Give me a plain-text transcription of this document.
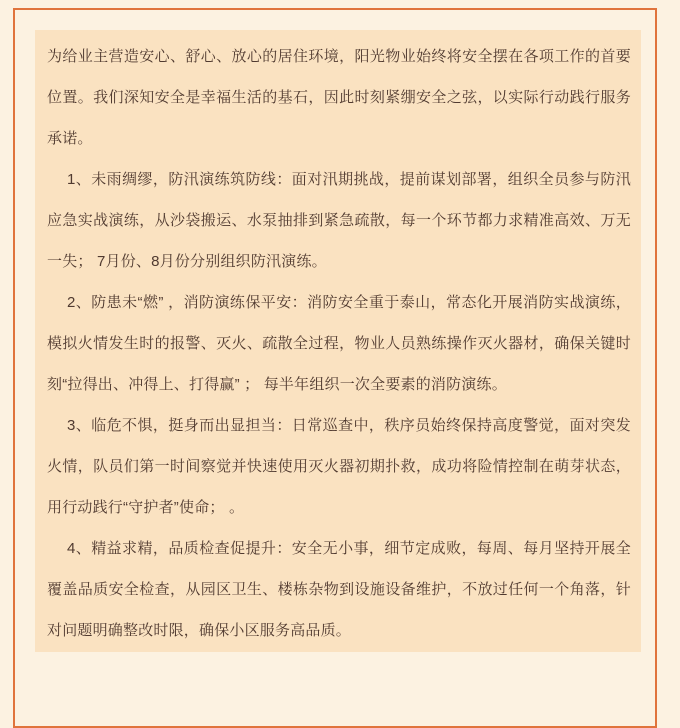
为给业主营造安心、舒心、放心的居住环境，阳光物业始终将安全摆在各项工作的首要位置。我们深知安全是幸福生活的基石，因此时刻紧绷安全之弦，以实际行动践行服务承诺。

1、未雨绸缪，防汛演练筑防线：面对汛期挑战，提前谋划部署，组织全员参与防汛应急实战演练，从沙袋搬运、水泵抽排到紧急疏散，每一个环节都力求精准高效、万无一失； 7月份、8月份分别组织防汛演练。

2、防患未“燃” ，消防演练保平安：消防安全重于泰山，常态化开展消防实战演练，模拟火情发生时的报警、灭火、疏散全过程，物业人员熟练操作灭火器材，确保关键时刻“拉得出、冲得上、打得赢” ； 每半年组织一次全要素的消防演练。

3、临危不惧，挺身而出显担当：日常巡查中，秩序员始终保持高度警觉，面对突发火情，队员们第一时间察觉并快速使用灭火器初期扑救，成功将险情控制在萌芽状态，用行动践行“守护者”使命； 。

4、精益求精，品质检查促提升：安全无小事，细节定成败，每周、每月坚持开展全覆盖品质安全检查，从园区卫生、楼栋杂物到设施设备维护，不放过任何一个角落，针对问题明确整改时限，确保小区服务高品质。
